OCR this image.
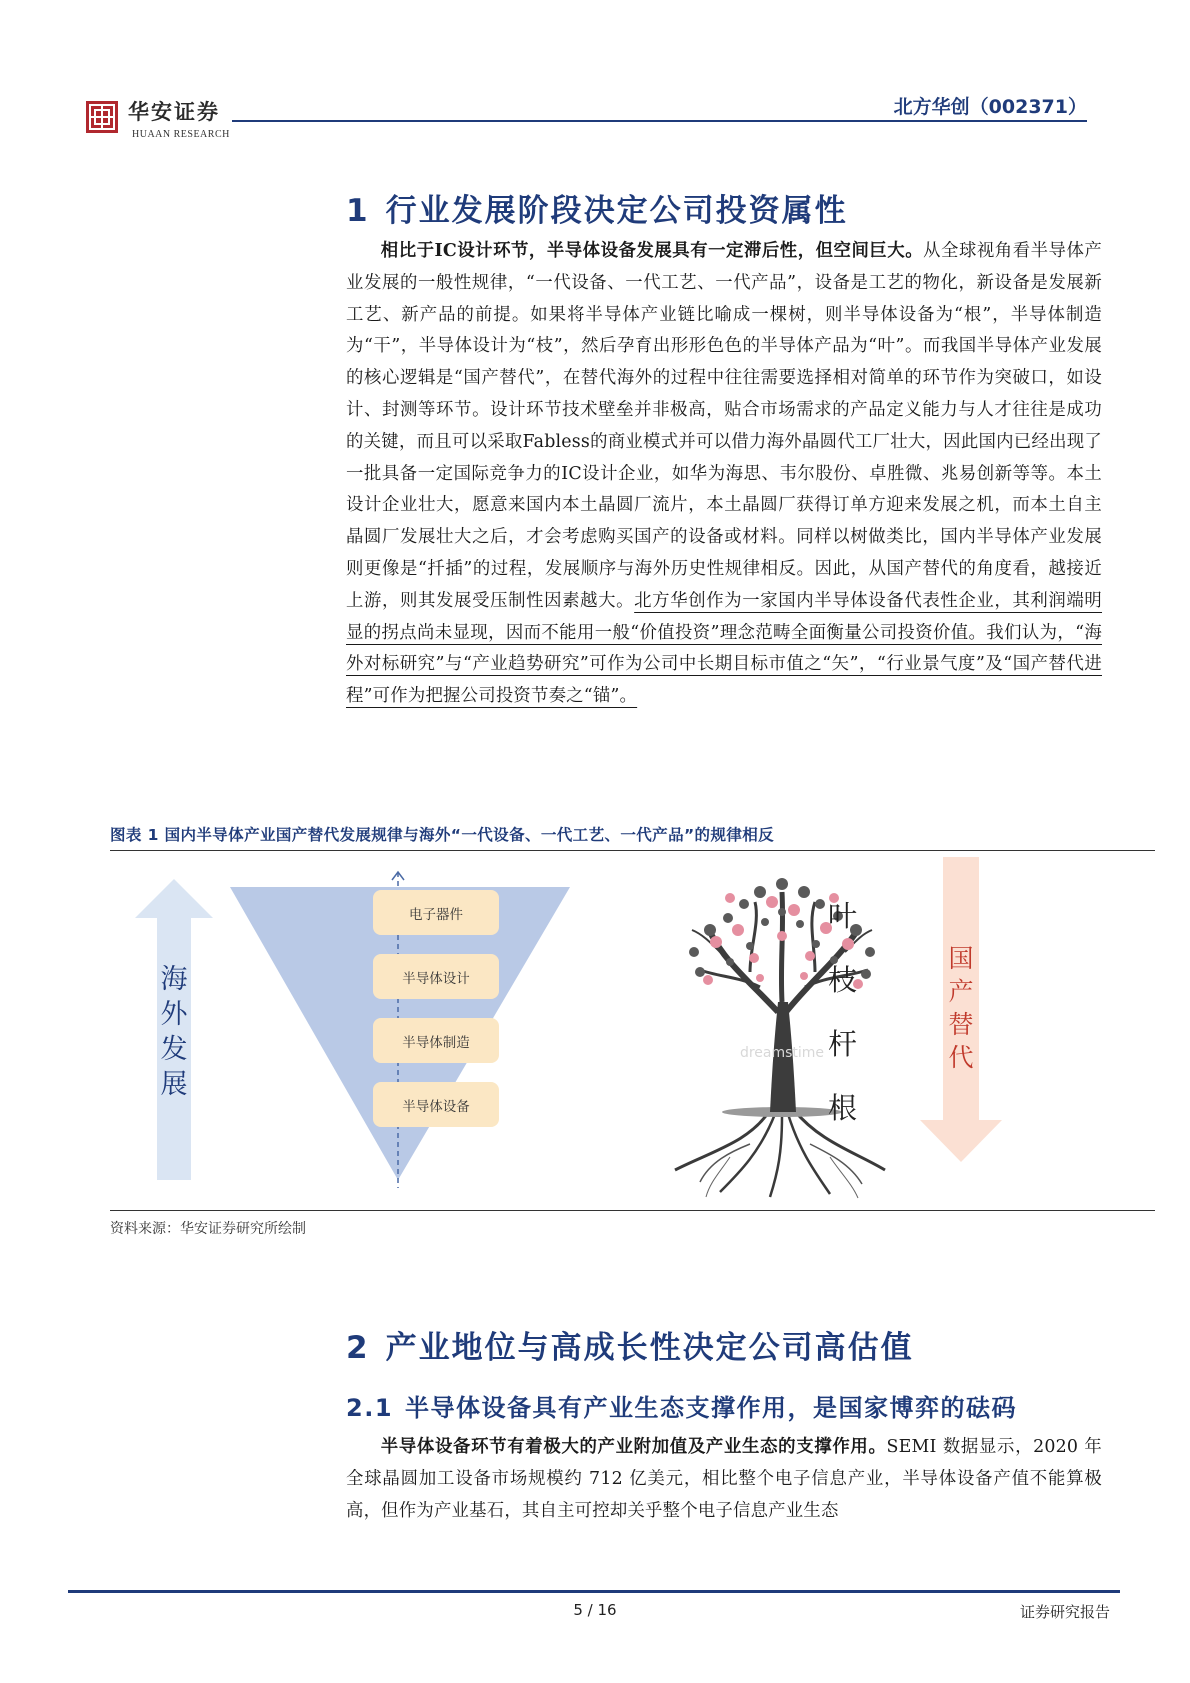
华安证券
HUAAN RESEARCH
北方华创（002371）
1 行业发展阶段决定公司投资属性
相比于IC设计环节，半导体设备发展具有一定滞后性，但空间巨大。从全球视角看半导体产业发展的一般性规律，“一代设备、一代工艺、一代产品”，设备是工艺的物化，新设备是发展新工艺、新产品的前提。如果将半导体产业链比喻成一棵树，则半导体设备为“根”，半导体制造为“干”，半导体设计为“枝”，然后孕育出形形色色的半导体产品为“叶”。而我国半导体产业发展的核心逻辑是“国产替代”，在替代海外的过程中往往需要选择相对简单的环节作为突破口，如设计、封测等环节。设计环节技术壁垒并非极高，贴合市场需求的产品定义能力与人才往往是成功的关键，而且可以采取Fabless的商业模式并可以借力海外晶圆代工厂壮大，因此国内已经出现了一批具备一定国际竞争力的IC设计企业，如华为海思、韦尔股份、卓胜微、兆易创新等等。本土设计企业壮大，愿意来国内本土晶圆厂流片，本土晶圆厂获得订单方迎来发展之机，而本土自主晶圆厂发展壮大之后，才会考虑购买国产的设备或材料。同样以树做类比，国内半导体产业发展则更像是“扦插”的过程，发展顺序与海外历史性规律相反。因此，从国产替代的角度看，越接近上游，则其发展受压制性因素越大。北方华创作为一家国内半导体设备代表性企业，其利润端明显的拐点尚未显现，因而不能用一般“价值投资”理念范畴全面衡量公司投资价值。我们认为，“海外对标研究”与“产业趋势研究”可作为公司中长期目标市值之“矢”，“行业景气度”及“国产替代进程”可作为把握公司投资节奏之“锚”。
图表 1 国内半导体产业国产替代发展规律与海外“一代设备、一代工艺、一代产品”的规律相反
dreamstime
海
外
发
展
电子器件
半导体设计
半导体制造
半导体设备
叶
枝
杆
根
国
产
替
代
资料来源：华安证券研究所绘制
2 产业地位与高成长性决定公司高估值
2.1 半导体设备具有产业生态支撑作用，是国家博弈的砝码
半导体设备环节有着极大的产业附加值及产业生态的支撑作用。SEMI 数据显示，2020 年全球晶圆加工设备市场规模约 712 亿美元，相比整个电子信息产业，半导体设备产值不能算极高，但作为产业基石，其自主可控却关乎整个电子信息产业生态
5 / 16	证券研究报告
